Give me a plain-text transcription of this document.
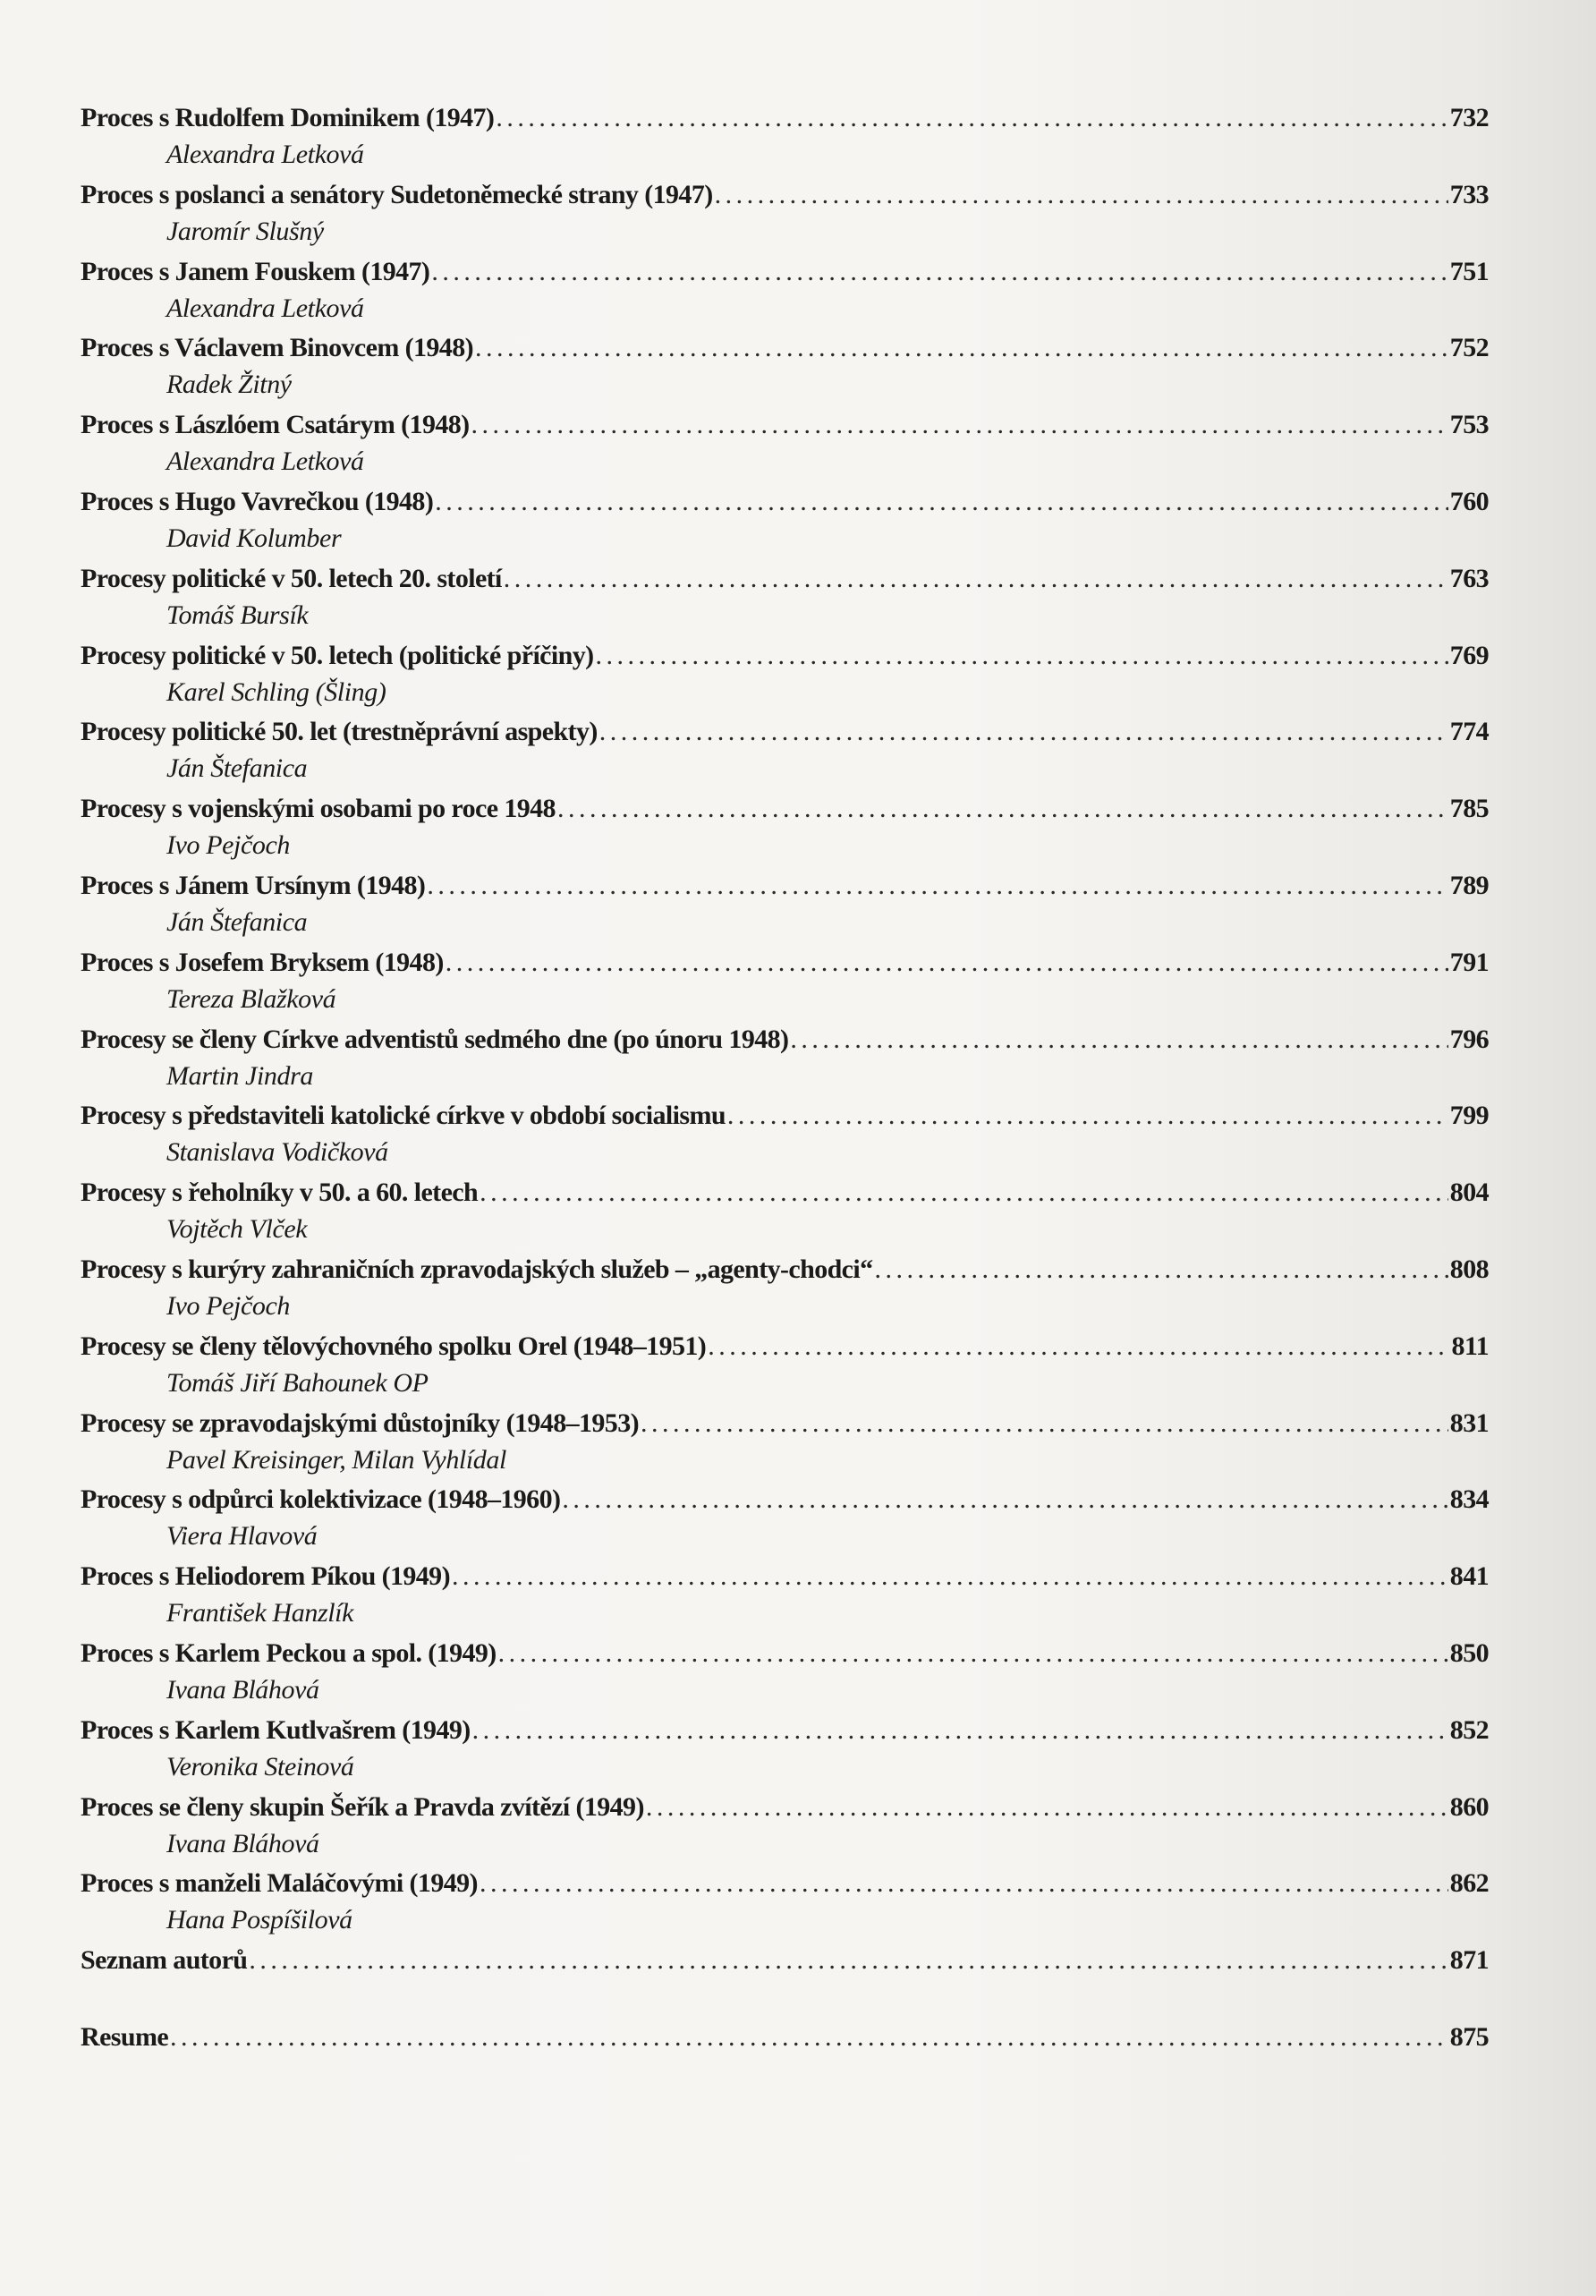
Proces s Rudolfem Dominikem (1947) . . .	732
Alexandra Letková
Proces s poslanci a senátory Sudetoněmecké strany (1947) . . .	733
Jaromír Slušný
Proces s Janem Fouskem (1947) . . .	751
Alexandra Letková
Proces s Václavem Binovcem (1948) . . .	752
Radek Žitný
Proces s Lászlóem Csatárym (1948) . . .	753
Alexandra Letková
Proces s Hugo Vavrečkou (1948) . . .	760
David Kolumber
Procesy politické v 50. letech 20. století . . .	763
Tomáš Bursík
Procesy politické v 50. letech (politické příčiny) . . .	769
Karel Schling (Šling)
Procesy politické 50. let (trestněprávní aspekty) . . .	774
Ján Štefanica
Procesy s vojenskými osobami po roce 1948 . . .	785
Ivo Pejčoch
Proces s Jánem Ursínym (1948) . . .	789
Ján Štefanica
Proces s Josefem Bryksem (1948) . . .	791
Tereza Blažková
Procesy se členy Církve adventistů sedmého dne (po únoru 1948) . . .	796
Martin Jindra
Procesy s představiteli katolické církve v období socialismu . . .	799
Stanislava Vodičková
Procesy s řeholníky v 50. a 60. letech . . .	804
Vojtěch Vlček
Procesy s kurýry zahraničních zpravodajských služeb – „agenty-chodci“ . . .	808
Ivo Pejčoch
Procesy se členy tělovýchovného spolku Orel (1948–1951) . . .	811
Tomáš Jiří Bahounek OP
Procesy se zpravodajskými důstojníky (1948–1953) . . .	831
Pavel Kreisinger, Milan Vyhlídal
Procesy s odpůrci kolektivizace (1948–1960) . . .	834
Viera Hlavová
Proces s Heliodorem Píkou (1949) . . .	841
František Hanzlík
Proces s Karlem Peckou a spol. (1949) . . .	850
Ivana Bláhová
Proces s Karlem Kutlvašrem (1949) . . .	852
Veronika Steinová
Proces se členy skupin Šeřík a Pravda zvítězí (1949) . . .	860
Ivana Bláhová
Proces s manželi Maláčovými (1949) . . .	862
Hana Pospíšilová
Seznam autorů . . .	871
Resume . . .	875
